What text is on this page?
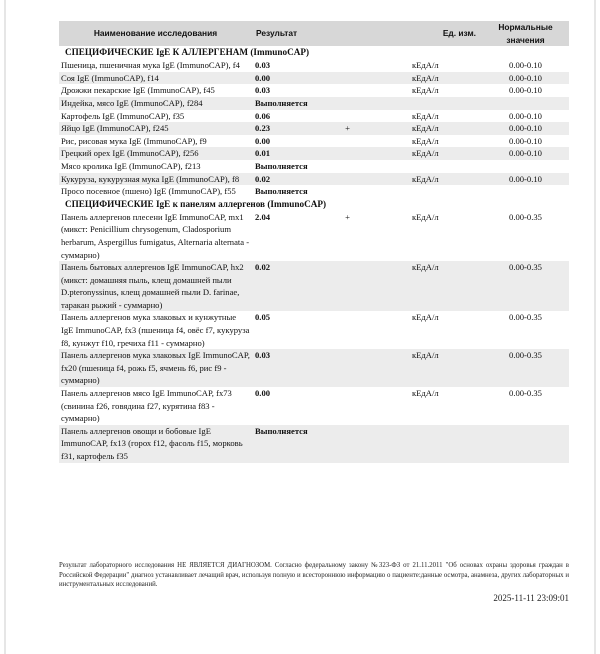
Наименование исследования	Результат		Ед. изм.	Нормальные значения
СПЕЦИФИЧЕСКИЕ IgE К АЛЛЕРГЕНАМ (ImmunoCAP)				
Пшеница, пшеничная мука IgE (ImmunoCAP), f4	0.03		кЕдА/л	0.00-0.10
Соя IgE (ImmunoCAP), f14	0.00		кЕдА/л	0.00-0.10
Дрожжи пекарские IgE (ImmunoCAP), f45	0.03		кЕдА/л	0.00-0.10
Индейка, мясо IgE (ImmunoCAP), f284	Выполняется			
Картофель IgE (ImmunoCAP), f35	0.06		кЕдА/л	0.00-0.10
Яйцо IgE (ImmunoCAP), f245	0.23	+	кЕдА/л	0.00-0.10
Рис, рисовая мука IgE (ImmunoCAP), f9	0.00		кЕдА/л	0.00-0.10
Грецкий орех IgE (ImmunoCAP), f256	0.01		кЕдА/л	0.00-0.10
Мясо кролика IgE (ImmunoCAP), f213	Выполняется			
Кукуруза, кукурузная мука IgE (ImmunoCAP), f8	0.02		кЕдА/л	0.00-0.10
Просо посевное (пшено) IgE (ImmunoCAP), f55	Выполняется			
СПЕЦИФИЧЕСКИЕ IgE к панелям аллергенов (ImmunoCAP)				
Панель аллергенов плесени IgE ImmunoCAP, mx1 (микст: Penicillium chrysogenum, Cladosporium herbarum, Aspergillus fumigatus, Alternaria alternata - суммарно)	2.04	+	кЕдА/л	0.00-0.35
Панель бытовых аллергенов IgE ImmunoCAP, hx2 (микст: домашняя пыль, клещ домашней пыли D.pteronyssinus, клещ домашней пыли D. farinae, таракан рыжий - суммарно)	0.02		кЕдА/л	0.00-0.35
Панель аллергенов мука злаковых и кунжутные IgE ImmunoCAP, fx3 (пшеница f4, овёс f7, кукуруза f8, кунжут f10, гречиха f11 - суммарно)	0.05		кЕдА/л	0.00-0.35
Панель аллергенов мука злаковых IgE ImmunoCAP, fx20 (пшеница f4, рожь f5, ячмень f6, рис f9 - суммарно)	0.03		кЕдА/л	0.00-0.35
Панель аллергенов мясо IgE ImmunoCAP, fx73 (свинина f26, говядина f27, курятина f83 - суммарно)	0.00		кЕдА/л	0.00-0.35
Панель аллергенов овощи и бобовые IgE ImmunoCAP, fx13 (горох f12, фасоль f15, морковь f31, картофель f35	Выполняется			
Результат лабораторного исследования НЕ ЯВЛЯЕТСЯ ДИАГНОЗОМ. Согласно федеральному закону №323-ФЗ от 21.11.2011 "Об основах охраны здоровья граждан в Российской Федерации" диагноз устанавливает лечащий врач, используя полную и всестороннюю информацию о пациенте:данные осмотра, анамнеза, других лабораторных и инструментальных исследований.
2025-11-11 23:09:01
